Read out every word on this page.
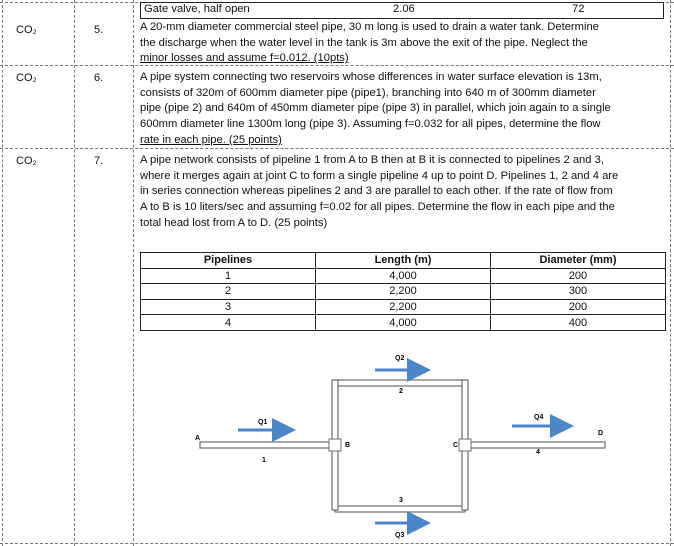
Gate valve, half open	2.06	72
CO₂	5.	A 20-mm diameter commercial steel pipe, 30 m long is used to drain a water tank. Determine
the discharge when the water level in the tank is 3m above the exit of the pipe. Neglect the
minor losses and assume f=0.012. (10pts)
CO₂	6.	A pipe system connecting two reservoirs whose differences in water surface elevation is 13m,
consists of 320m of 600mm diameter pipe (pipe1), branching into 640 m of 300mm diameter
pipe (pipe 2) and 640m of 450mm diameter pipe (pipe 3) in parallel, which join again to a single
600mm diameter line 1300m long (pipe 3). Assuming f=0.032 for all pipes, determine the flow
rate in each pipe. (25 points)
CO₂	7.	A pipe network consists of pipeline 1 from A to B then at B it is connected to pipelines 2 and 3,
where it merges again at joint C to form a single pipeline 4 up to point D. Pipelines 1, 2 and 4 are
in series connection whereas pipelines 2 and 3 are parallel to each other. If the rate of flow from
A to B is 10 liters/sec and assuming f=0.02 for all pipes. Determine the flow in each pipe and the
total head lost from A to D. (25 points)
Pipelines	Length (m)	Diameter (mm)
1	4,000	200
2	2,200	300
3	2,200	200
4	4,000	400
A
B	C
D
Q1
Q2
Q3
Q4
1
2
3
4
